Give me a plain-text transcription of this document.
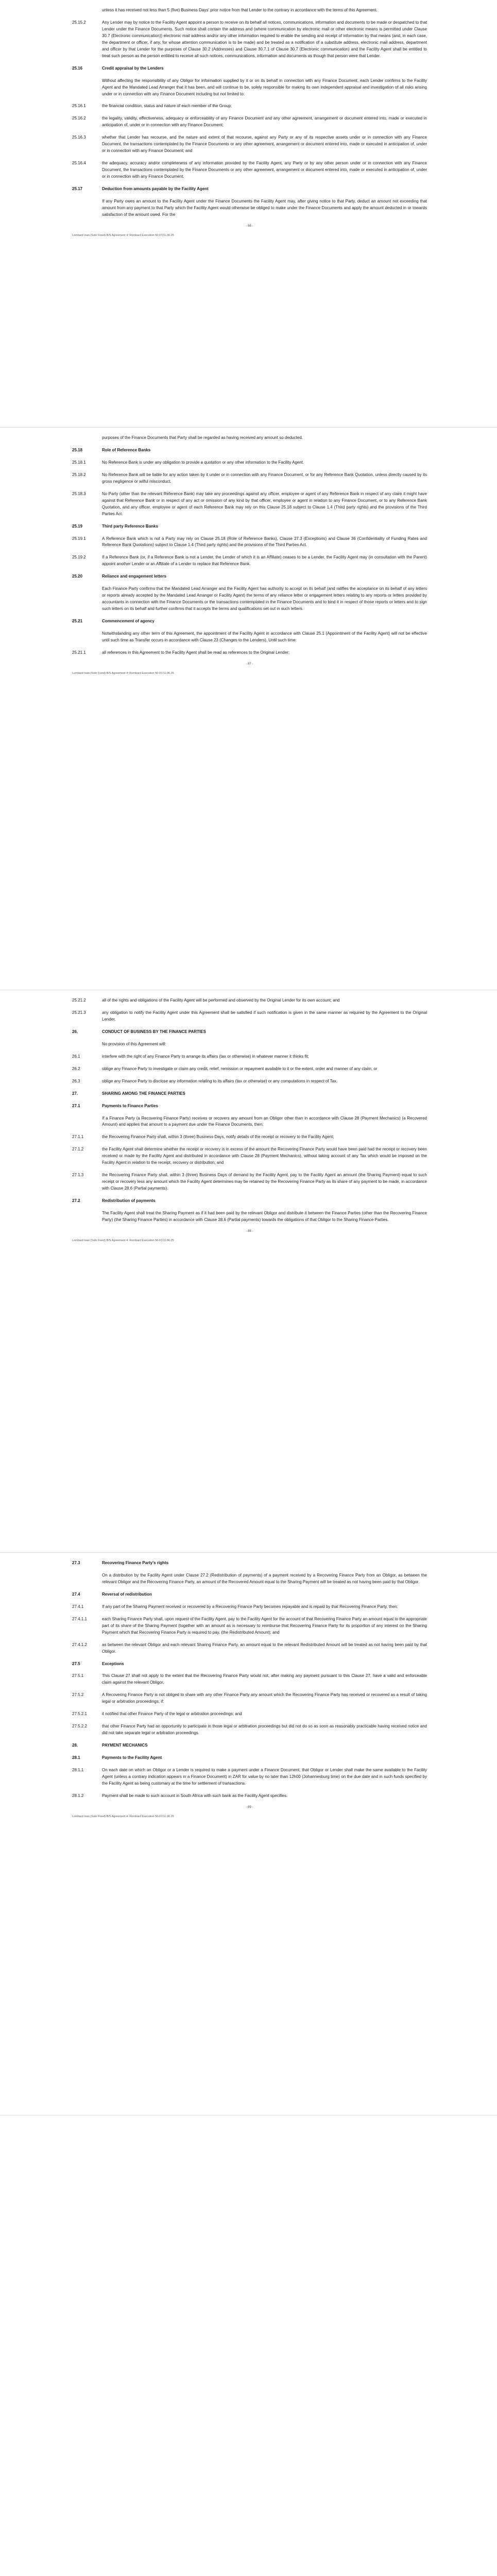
unless it has received not less than 5 (five) Business Days' prior notice from that Lender to the contrary in accordance with the terms of this Agreement.
25.15.2	Any Lender may by notice to the Facility Agent appoint a person to receive on its behalf all notices, communications, information and documents to be made or despatched to that Lender under the Finance Documents. Such notice shall contain the address and (where communication by electronic mail or other electronic means is permitted under Clause 30.7 (Electronic communication)) electronic mail address and/or any other information required to enable the sending and receipt of information by that means (and, in each case, the department or officer, if any, for whose attention communication is to be made) and be treated as a notification of a substitute address, electronic mail address, department and officer by that Lender for the purposes of Clause 30.2 (Addresses) and Clause 30.7.1 of Clause 30.7 (Electronic communication) and the Facility Agent shall be entitled to treat such person as the person entitled to receive all such notices, communications, information and documents as though that person were that Lender.
25.16	Credit appraisal by the Lenders
Without affecting the responsibility of any Obligor for information supplied by it or on its behalf in connection with any Finance Document, each Lender confirms to the Facility Agent and the Mandated Lead Arranger that it has been, and will continue to be, solely responsible for making its own independent appraisal and investigation of all risks arising under or in connection with any Finance Document including but not limited to:
25.16.1	the financial condition, status and nature of each member of the Group;
25.16.2	the legality, validity, effectiveness, adequacy or enforceability of any Finance Document and any other agreement, arrangement or document entered into, made or executed in anticipation of, under or in connection with any Finance Document;
25.16.3	whether that Lender has recourse, and the nature and extent of that recourse, against any Party or any of its respective assets under or in connection with any Finance Document, the transactions contemplated by the Finance Documents or any other agreement, arrangement or document entered into, made or executed in anticipation of, under or in connection with any Finance Document; and
25.16.4	the adequacy, accuracy and/or completeness of any information provided by the Facility Agent, any Party or by any other person under or in connection with any Finance Document, the transactions contemplated by the Finance Documents or any other agreement, arrangement or document entered into, made or executed in anticipation of, under or in connection with any Finance Document.
25.17	Deduction from amounts payable by the Facility Agent
If any Party owes an amount to the Facility Agent under the Finance Documents the Facility Agent may, after giving notice to that Party, deduct an amount not exceeding that amount from any payment to that Party which the Facility Agent would otherwise be obliged to make under the Finance Documents and apply the amount deducted in or towards satisfaction of the amount owed. For the
- 86 -
Lombard Ioan (Sole Fixed) B/S Agreement 4: Rombard Execution 50-07/11.06.25
purposes of the Finance Documents that Party shall be regarded as having received any amount so deducted.
25.18	Role of Reference Banks
25.18.1	No Reference Bank is under any obligation to provide a quotation or any other information to the Facility Agent.
25.18.2	No Reference Bank will be liable for any action taken by it under or in connection with any Finance Document, or for any Reference Bank Quotation, unless directly caused by its gross negligence or wilful misconduct.
25.18.3	No Party (other than the relevant Reference Bank) may take any proceedings against any officer, employee or agent of any Reference Bank in respect of any claim it might have against that Reference Bank or in respect of any act or omission of any kind by that officer, employee or agent in relation to any Finance Document, or to any Reference Bank Quotation, and any officer, employee or agent of each Reference Bank may rely on this Clause 25.18 subject to Clause 1.4 (Third party rights) and the provisions of the Third Parties Act.
25.19	Third party Reference Banks
25.19.1	A Reference Bank which is not a Party may rely on Clause 25.18 (Role of Reference Banks), Clause 27.3 (Exceptions) and Clause 36 (Confidentiality of Funding Rates and Reference Bank Quotations) subject to Clause 1.4 (Third party rights) and the provisions of the Third Parties Act.
25.19.2	If a Reference Bank (or, if a Reference Bank is not a Lender, the Lender of which it is an Affiliate) ceases to be a Lender, the Facility Agent may (in consultation with the Parent) appoint another Lender or an Affiliate of a Lender to replace that Reference Bank.
25.20	Reliance and engagement letters
Each Finance Party confirms that the Mandated Lead Arranger and the Facility Agent has authority to accept on its behalf (and ratifies the acceptance on its behalf of any letters or reports already accepted by the Mandated Lead Arranger or Facility Agent) the terms of any reliance letter or engagement letters relating to any reports or letters provided by accountants in connection with the Finance Documents or the transactions contemplated in the Finance Documents and to bind it in respect of those reports or letters and to sign such letters on its behalf and further confirms that it accepts the terms and qualifications set out in such letters.
25.21	Commencement of agency
Notwithstanding any other term of this Agreement, the appointment of the Facility Agent in accordance with Clause 25.1 (Appointment of the Facility Agent) will not be effective until such time as Transfer occurs in accordance with Clause 23 (Changes to the Lenders). Until such time:
25.21.1	all references in this Agreement to the Facility Agent shall be read as references to the Original Lender;
- 87 -
Lombard Ioan (Sole Fixed) B/S Agreement 4: Rombard Execution 50-07/11.06.25
25.21.2	all of the rights and obligations of the Facility Agent will be performed and observed by the Original Lender for its own account; and
25.21.3	any obligation to notify the Facility Agent under this Agreement shall be satisfied if such notification is given in the same manner as required by the Agreement to the Original Lender.
26.	CONDUCT OF BUSINESS BY THE FINANCE PARTIES
No provision of this Agreement will:
26.1	interfere with the right of any Finance Party to arrange its affairs (tax or otherwise) in whatever manner it thinks fit;
26.2	oblige any Finance Party to investigate or claim any credit, relief, remission or repayment available to it or the extent, order and manner of any claim; or
26.3	oblige any Finance Party to disclose any information relating to its affairs (tax or otherwise) or any computations in respect of Tax.
27.	SHARING AMONG THE FINANCE PARTIES
27.1	Payments to Finance Parties
If a Finance Party (a Recovering Finance Party) receives or recovers any amount from an Obligor other than in accordance with Clause 28 (Payment Mechanics) (a Recovered Amount) and applies that amount to a payment due under the Finance Documents, then:
27.1.1	the Recovering Finance Party shall, within 3 (three) Business Days, notify details of the receipt or recovery to the Facility Agent;
27.1.2	the Facility Agent shall determine whether the receipt or recovery is in excess of the amount the Recovering Finance Party would have been paid had the receipt or recovery been received or made by the Facility Agent and distributed in accordance with Clause 28 (Payment Mechanics), without taking account of any Tax which would be imposed on the Facility Agent in relation to the receipt, recovery or distribution; and
27.1.3	the Recovering Finance Party shall, within 3 (three) Business Days of demand by the Facility Agent, pay to the Facility Agent an amount (the Sharing Payment) equal to such receipt or recovery less any amount which the Facility Agent determines may be retained by the Recovering Finance Party as its share of any payment to be made, in accordance with Clause 28.6 (Partial payments).
27.2	Redistribution of payments
The Facility Agent shall treat the Sharing Payment as if it had been paid by the relevant Obligor and distribute it between the Finance Parties (other than the Recovering Finance Party) (the Sharing Finance Parties) in accordance with Clause 28.6 (Partial payments) towards the obligations of that Obligor to the Sharing Finance Parties.
- 88 -
Lombard Ioan (Sole Fixed) B/S Agreement 4: Rombard Execution 50-07/11.06.25
27.3	Recovering Finance Party's rights
On a distribution by the Facility Agent under Clause 27.2 (Redistribution of payments) of a payment received by a Recovering Finance Party from an Obligor, as between the relevant Obligor and the Recovering Finance Party, an amount of the Recovered Amount equal to the Sharing Payment will be treated as not having been paid by that Obligor.
27.4	Reversal of redistribution
27.4.1	If any part of the Sharing Payment received or recovered by a Recovering Finance Party becomes repayable and is repaid by that Recovering Finance Party, then:
27.4.1.1	each Sharing Finance Party shall, upon request of the Facility Agent, pay to the Facility Agent for the account of that Recovering Finance Party an amount equal to the appropriate part of its share of the Sharing Payment (together with an amount as is necessary to reimburse that Recovering Finance Party for its proportion of any interest on the Sharing Payment which that Recovering Finance Party is required to pay, (the Redistributed Amount); and
27.4.1.2	as between the relevant Obligor and each relevant Sharing Finance Party, an amount equal to the relevant Redistributed Amount will be treated as not having been paid by that Obligor.
27.5	Exceptions
27.5.1	This Clause 27 shall not apply to the extent that the Recovering Finance Party would not, after making any payment pursuant to this Clause 27, have a valid and enforceable claim against the relevant Obligor.
27.5.2	A Recovering Finance Party is not obliged to share with any other Finance Party any amount which the Recovering Finance Party has received or recovered as a result of taking legal or arbitration proceedings, if:
27.5.2.1	it notified that other Finance Party of the legal or arbitration proceedings; and
27.5.2.2	that other Finance Party had an opportunity to participate in those legal or arbitration proceedings but did not do so as soon as reasonably practicable having received notice and did not take separate legal or arbitration proceedings.
28.	PAYMENT MECHANICS
28.1	Payments to the Facility Agent
28.1.1	On each date on which an Obligor or a Lender is required to make a payment under a Finance Document, that Obligor or Lender shall make the same available to the Facility Agent (unless a contrary indication appears in a Finance Document) in ZAR for value by no later than 12h00 (Johannesburg time) on the due date and in such funds specified by the Facility Agent as being customary at the time for settlement of transactions.
28.1.2	Payment shall be made to such account in South Africa with such bank as the Facility Agent specifies.
- 89 -
Lombard Ioan (Sole Fixed) B/S Agreement 4: Rombard Execution 50-07/11.06.25
